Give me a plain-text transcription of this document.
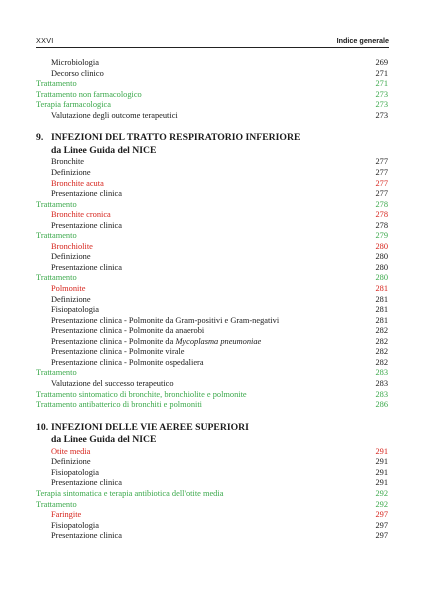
XXVI	Indice generale
Microbiologia	269
Decorso clinico	271
Trattamento	271
Trattamento non farmacologico	273
Terapia farmacologica	273
Valutazione degli outcome terapeutici	273
9. INFEZIONI DEL TRATTO RESPIRATORIO INFERIORE
da Linee Guida del NICE
Bronchite	277
Definizione	277
Bronchite acuta	277
Presentazione clinica	277
Trattamento	278
Bronchite cronica	278
Presentazione clinica	278
Trattamento	279
Bronchiolite	280
Definizione	280
Presentazione clinica	280
Trattamento	280
Polmonite	281
Definizione	281
Fisiopatologia	281
Presentazione clinica - Polmonite da Gram-positivi e Gram-negativi	281
Presentazione clinica - Polmonite da anaerobi	282
Presentazione clinica - Polmonite da Mycoplasma pneumoniae	282
Presentazione clinica - Polmonite virale	282
Presentazione clinica - Polmonite ospedaliera	282
Trattamento	283
Valutazione del successo terapeutico	283
Trattamento sintomatico di bronchite, bronchiolite e polmonite	283
Trattamento antibatterico di bronchiti e polmoniti	286
10. INFEZIONI DELLE VIE AEREE SUPERIORI
da Linee Guida del NICE
Otite media	291
Definizione	291
Fisiopatologia	291
Presentazione clinica	291
Terapia sintomatica e terapia antibiotica dell'otite media	292
Trattamento	292
Faringite	297
Fisiopatologia	297
Presentazione clinica	297
